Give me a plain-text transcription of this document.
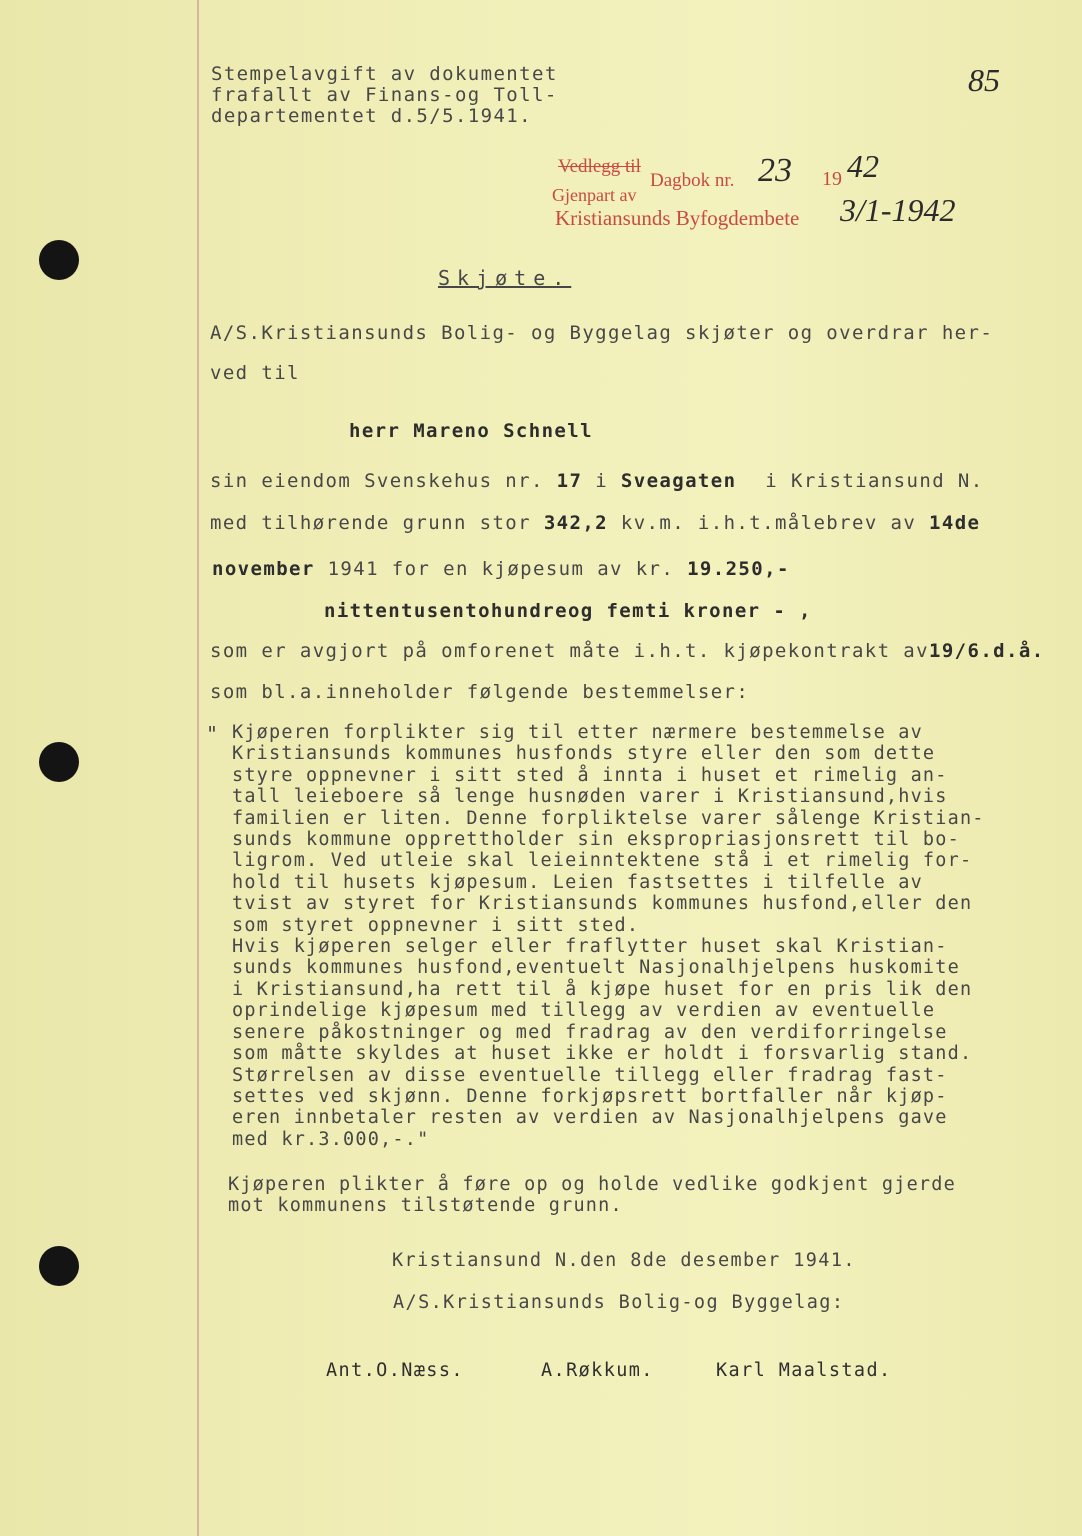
Stempelavgift av dokumentet
frafallt av Finans-og Toll-
departementet d.5/5.1941.
85
Vedlegg til
Dagbok nr. 23 19 42
Gjenpart av
Kristiansunds Byfogdembete 3/1-1942
Skjøte.
A/S.Kristiansunds Bolig- og Byggelag skjøter og overdrar her-
ved til
herr Mareno Schnell
sin eiendom Svenskehus nr. 17 i Sveagaten i Kristiansund N.
med tilhørende grunn stor 342,2 kv.m. i.h.t.målebrev av 14de
november 1941 for en kjøpesum av kr. 19.250,-
nittentusentohundreog femti kroner - ,
som er avgjort på omforenet måte i.h.t. kjøpekontrakt av19/6.d.å.
som bl.a.inneholder følgende bestemmelser:
" Kjøperen forplikter sig til etter nærmere bestemmelse av
Kristiansunds kommunes husfonds styre eller den som dette
styre oppnevner i sitt sted å innta i huset et rimelig an-
tall leieboere så lenge husnøden varer i Kristiansund,hvis
familien er liten. Denne forpliktelse varer sålenge Kristian-
sunds kommune opprettholder sin ekspropriasjonsrett til bo-
ligrom. Ved utleie skal leieinntektene stå i et rimelig for-
hold til husets kjøpesum. Leien fastsettes i tilfelle av
tvist av styret for Kristiansunds kommunes husfond,eller den
som styret oppnevner i sitt sted.
Hvis kjøperen selger eller fraflytter huset skal Kristian-
sunds kommunes husfond,eventuelt Nasjonalhjelpens huskomite
i Kristiansund,ha rett til å kjøpe huset for en pris lik den
oprindelige kjøpesum med tillegg av verdien av eventuelle
senere påkostninger og med fradrag av den verdiforringelse
som måtte skyldes at huset ikke er holdt i forsvarlig stand.
Størrelsen av disse eventuelle tillegg eller fradrag fast-
settes ved skjønn. Denne forkjøpsrett bortfaller når kjøp-
eren innbetaler resten av verdien av Nasjonalhjelpens gave
med kr.3.000,-."
Kjøperen plikter å føre op og holde vedlike godkjent gjerde
mot kommunens tilstøtende grunn.
Kristiansund N.den 8de desember 1941.
A/S.Kristiansunds Bolig-og Byggelag:
Ant.O.Næss.	A.Røkkum.	Karl Maalstad.
